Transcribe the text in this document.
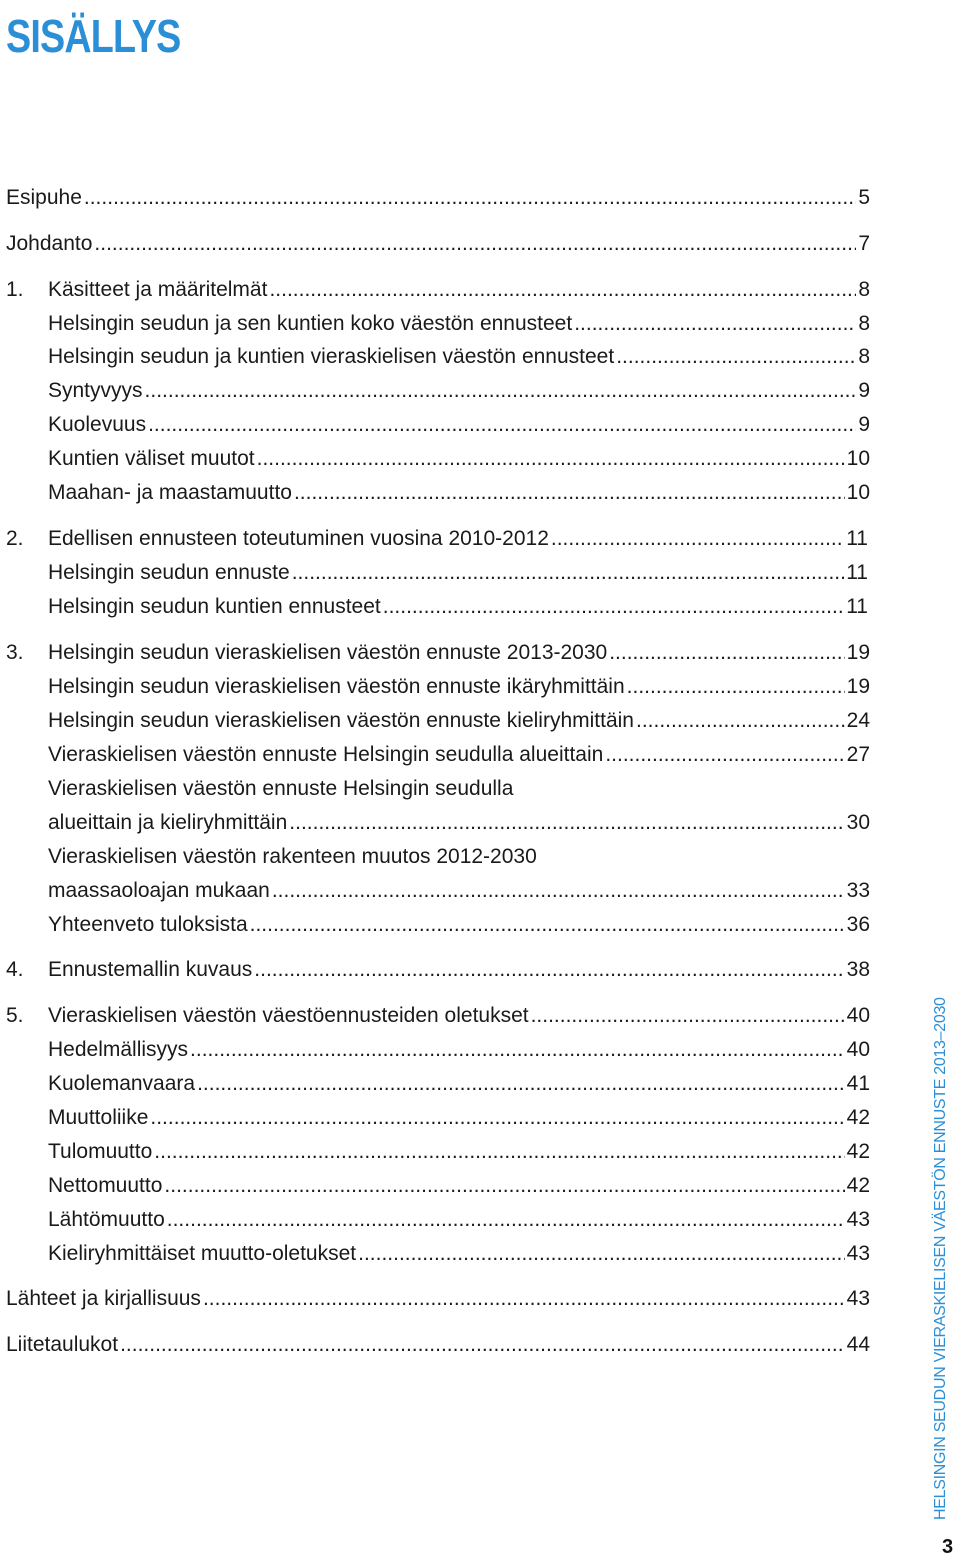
SISÄLLYS
Esipuhe .....	5
Johdanto .....	7
1. Käsitteet ja määritelmät .....	8
Helsingin seudun ja sen kuntien koko väestön ennusteet .....	8
Helsingin seudun ja kuntien vieraskielisen väestön ennusteet .....	8
Syntyvyys .....	9
Kuolevuus .....	9
Kuntien väliset muutot .....	10
Maahan- ja maastamuutto .....	10
2. Edellisen ennusteen toteutuminen vuosina 2010-2012 .....	11
Helsingin seudun ennuste .....	11
Helsingin seudun kuntien ennusteet .....	11
3. Helsingin seudun vieraskielisen väestön ennuste 2013-2030 .....	19
Helsingin seudun vieraskielisen väestön ennuste ikäryhmittäin .....	19
Helsingin seudun vieraskielisen väestön ennuste kieliryhmittäin .....	24
Vieraskielisen väestön ennuste Helsingin seudulla alueittain .....	27
Vieraskielisen väestön ennuste Helsingin seudulla
alueittain ja kieliryhmittäin .....	30
Vieraskielisen väestön rakenteen muutos 2012-2030
maassaoloajan mukaan .....	33
Yhteenveto tuloksista .....	36
4. Ennustemallin kuvaus .....	38
5. Vieraskielisen väestön väestöennusteiden oletukset .....	40
Hedelmällisyys .....	40
Kuolemanvaara .....	41
Muuttoliike .....	42
Tulomuutto .....	42
Nettomuutto .....	42
Lähtömuutto .....	43
Kieliryhmittäiset muutto-oletukset .....	43
Lähteet ja kirjallisuus .....	43
Liitetaulukot .....	44	HELSINGIN SEUDUN VIERASKIELISEN VÄESTÖN ENNUSTE 2013–2030
3
